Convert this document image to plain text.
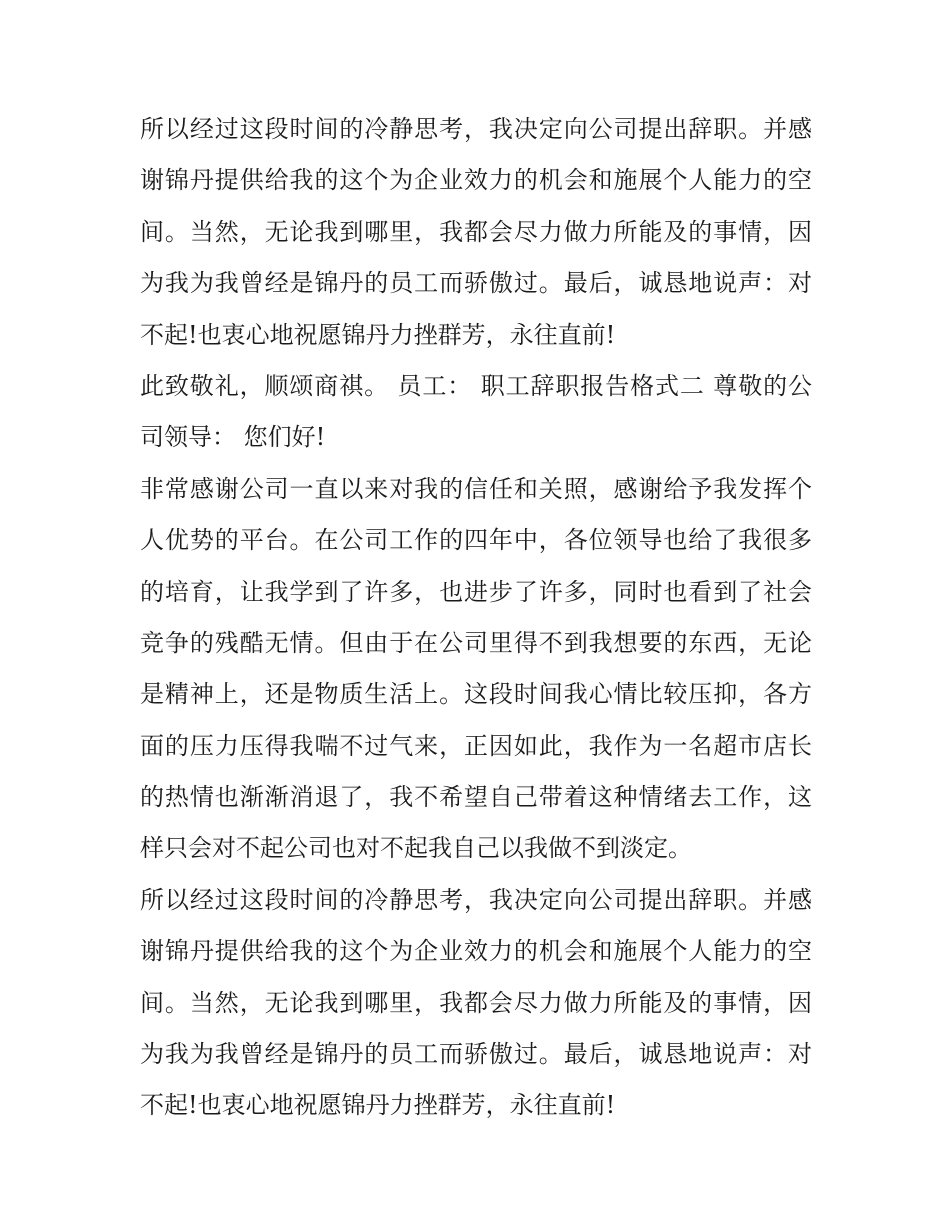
所以经过这段时间的冷静思考，我决定向公司提出辞职。并感
谢锦丹提供给我的这个为企业效力的机会和施展个人能力的空
间。当然，无论我到哪里，我都会尽力做力所能及的事情，因
为我为我曾经是锦丹的员工而骄傲过。最后，诚恳地说声：对
不起!也衷心地祝愿锦丹力挫群芳，永往直前!
此致敬礼，顺颂商祺。 员工： 职工辞职报告格式二 尊敬的公
司领导： 您们好!
非常感谢公司一直以来对我的信任和关照，感谢给予我发挥个
人优势的平台。在公司工作的四年中，各位领导也给了我很多
的培育，让我学到了许多，也进步了许多，同时也看到了社会
竞争的残酷无情。但由于在公司里得不到我想要的东西，无论
是精神上，还是物质生活上。这段时间我心情比较压抑，各方
面的压力压得我喘不过气来，正因如此，我作为一名超市店长
的热情也渐渐消退了，我不希望自己带着这种情绪去工作，这
样只会对不起公司也对不起我自己以我做不到淡定。
所以经过这段时间的冷静思考，我决定向公司提出辞职。并感
谢锦丹提供给我的这个为企业效力的机会和施展个人能力的空
间。当然，无论我到哪里，我都会尽力做力所能及的事情，因
为我为我曾经是锦丹的员工而骄傲过。最后，诚恳地说声：对
不起!也衷心地祝愿锦丹力挫群芳，永往直前!
